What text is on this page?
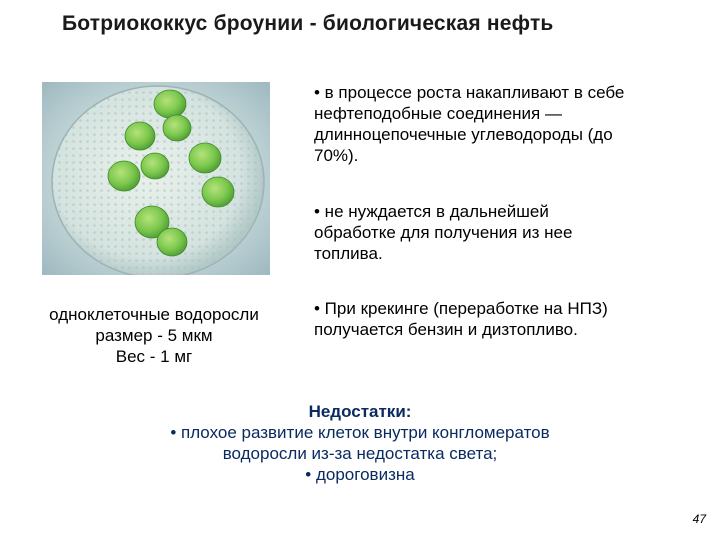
Ботриококкус броунии - биологическая нефть
одноклеточные водоросли
размер - 5 мкм
Вес - 1 мг
• в процессе роста накапливают в себе
нефтеподобные соединения —
длинноцепочечные углеводороды (до
70%).
• не нуждается в дальнейшей
обработке для получения из нее
топлива.
• При крекинге (переработке на НПЗ)
получается бензин и дизтопливо.
Недостатки:
• плохое развитие клеток внутри конгломератов
водоросли из-за недостатка света;
• дороговизна
47
